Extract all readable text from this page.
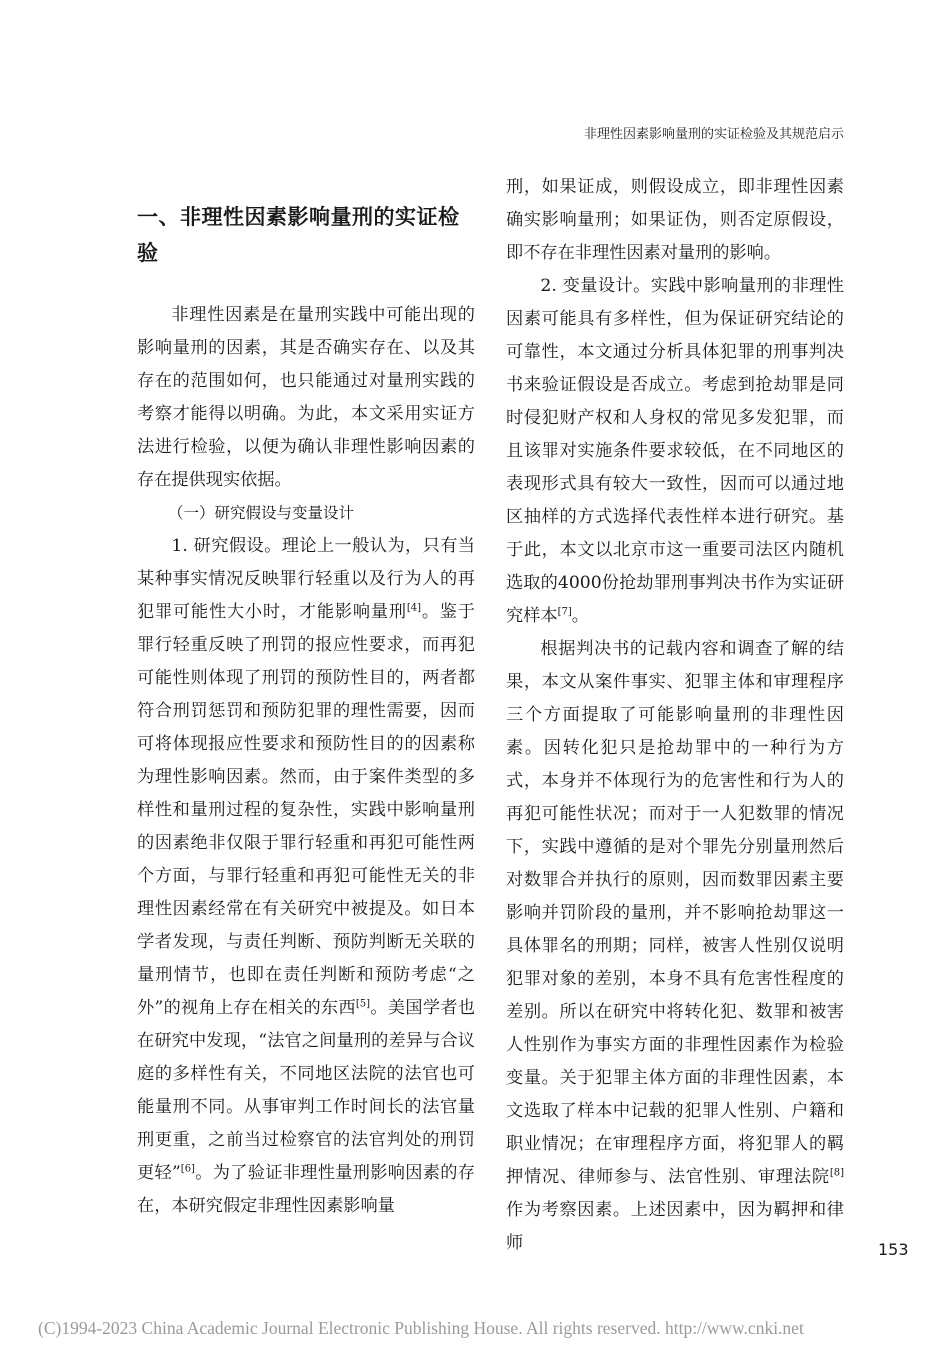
非理性因素影响量刑的实证检验及其规范启示
一、非理性因素影响量刑的实证检验

非理性因素是在量刑实践中可能出现的影响量刑的因素，其是否确实存在、以及其存在的范围如何，也只能通过对量刑实践的考察才能得以明确。为此，本文采用实证方法进行检验，以便为确认非理性影响因素的存在提供现实依据。

（一）研究假设与变量设计

1. 研究假设。理论上一般认为，只有当某种事实情况反映罪行轻重以及行为人的再犯罪可能性大小时，才能影响量刑[4]。鉴于罪行轻重反映了刑罚的报应性要求，而再犯可能性则体现了刑罚的预防性目的，两者都符合刑罚惩罚和预防犯罪的理性需要，因而可将体现报应性要求和预防性目的的因素称为理性影响因素。然而，由于案件类型的多样性和量刑过程的复杂性，实践中影响量刑的因素绝非仅限于罪行轻重和再犯可能性两个方面，与罪行轻重和再犯可能性无关的非理性因素经常在有关研究中被提及。如日本学者发现，与责任判断、预防判断无关联的量刑情节，也即在责任判断和预防考虑“之外”的视角上存在相关的东西[5]。美国学者也在研究中发现，“法官之间量刑的差异与合议庭的多样性有关，不同地区法院的法官也可能量刑不同。从事审判工作时间长的法官量刑更重，之前当过检察官的法官判处的刑罚更轻”[6]。为了验证非理性量刑影响因素的存在，本研究假定非理性因素影响量

刑，如果证成，则假设成立，即非理性因素确实影响量刑；如果证伪，则否定原假设，即不存在非理性因素对量刑的影响。

2. 变量设计。实践中影响量刑的非理性因素可能具有多样性，但为保证研究结论的可靠性，本文通过分析具体犯罪的刑事判决书来验证假设是否成立。考虑到抢劫罪是同时侵犯财产权和人身权的常见多发犯罪，而且该罪对实施条件要求较低，在不同地区的表现形式具有较大一致性，因而可以通过地区抽样的方式选择代表性样本进行研究。基于此，本文以北京市这一重要司法区内随机选取的4000份抢劫罪刑事判决书作为实证研究样本[7]。

根据判决书的记载内容和调查了解的结果，本文从案件事实、犯罪主体和审理程序三个方面提取了可能影响量刑的非理性因素。因转化犯只是抢劫罪中的一种行为方式，本身并不体现行为的危害性和行为人的再犯可能性状况；而对于一人犯数罪的情况下，实践中遵循的是对个罪先分别量刑然后对数罪合并执行的原则，因而数罪因素主要影响并罚阶段的量刑，并不影响抢劫罪这一具体罪名的刑期；同样，被害人性别仅说明犯罪对象的差别，本身不具有危害性程度的差别。所以在研究中将转化犯、数罪和被害人性别作为事实方面的非理性因素作为检验变量。关于犯罪主体方面的非理性因素，本文选取了样本中记载的犯罪人性别、户籍和职业情况；在审理程序方面，将犯罪人的羁押情况、律师参与、法官性别、审理法院[8]作为考察因素。上述因素中，因为羁押和律师	153
(C)1994-2023 China Academic Journal Electronic Publishing House. All rights reserved. http://www.cnki.net
